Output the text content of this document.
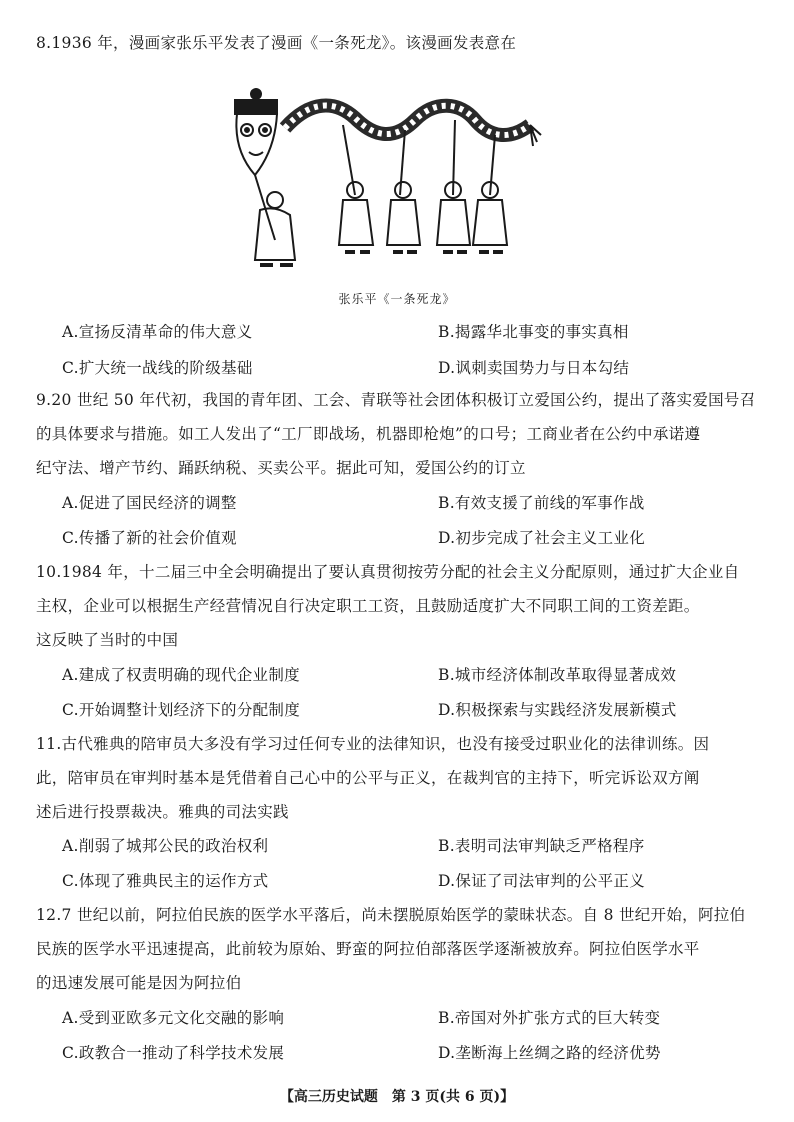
8.1936 年，漫画家张乐平发表了漫画《一条死龙》。该漫画发表意在
张乐平《一条死龙》
A.宣扬反清革命的伟大意义	B.揭露华北事变的事实真相
C.扩大统一战线的阶级基础	D.讽刺卖国势力与日本勾结
9.20 世纪 50 年代初，我国的青年团、工会、青联等社会团体积极订立爱国公约，提出了落实爱国号召
的具体要求与措施。如工人发出了“工厂即战场，机器即枪炮”的口号；工商业者在公约中承诺遵
纪守法、增产节约、踊跃纳税、买卖公平。据此可知，爱国公约的订立
A.促进了国民经济的调整	B.有效支援了前线的军事作战
C.传播了新的社会价值观	D.初步完成了社会主义工业化
10.1984 年，十二届三中全会明确提出了要认真贯彻按劳分配的社会主义分配原则，通过扩大企业自
主权，企业可以根据生产经营情况自行决定职工工资，且鼓励适度扩大不同职工间的工资差距。
这反映了当时的中国
A.建成了权责明确的现代企业制度	B.城市经济体制改革取得显著成效
C.开始调整计划经济下的分配制度	D.积极探索与实践经济发展新模式
11.古代雅典的陪审员大多没有学习过任何专业的法律知识，也没有接受过职业化的法律训练。因
此，陪审员在审判时基本是凭借着自己心中的公平与正义，在裁判官的主持下，听完诉讼双方阐
述后进行投票裁决。雅典的司法实践
A.削弱了城邦公民的政治权利	B.表明司法审判缺乏严格程序
C.体现了雅典民主的运作方式	D.保证了司法审判的公平正义
12.7 世纪以前，阿拉伯民族的医学水平落后，尚未摆脱原始医学的蒙昧状态。自 8 世纪开始，阿拉伯
民族的医学水平迅速提高，此前较为原始、野蛮的阿拉伯部落医学逐渐被放弃。阿拉伯医学水平
的迅速发展可能是因为阿拉伯
A.受到亚欧多元文化交融的影响	B.帝国对外扩张方式的巨大转变
C.政教合一推动了科学技术发展	D.垄断海上丝绸之路的经济优势
【高三历史试题　第 3 页(共 6 页)】
